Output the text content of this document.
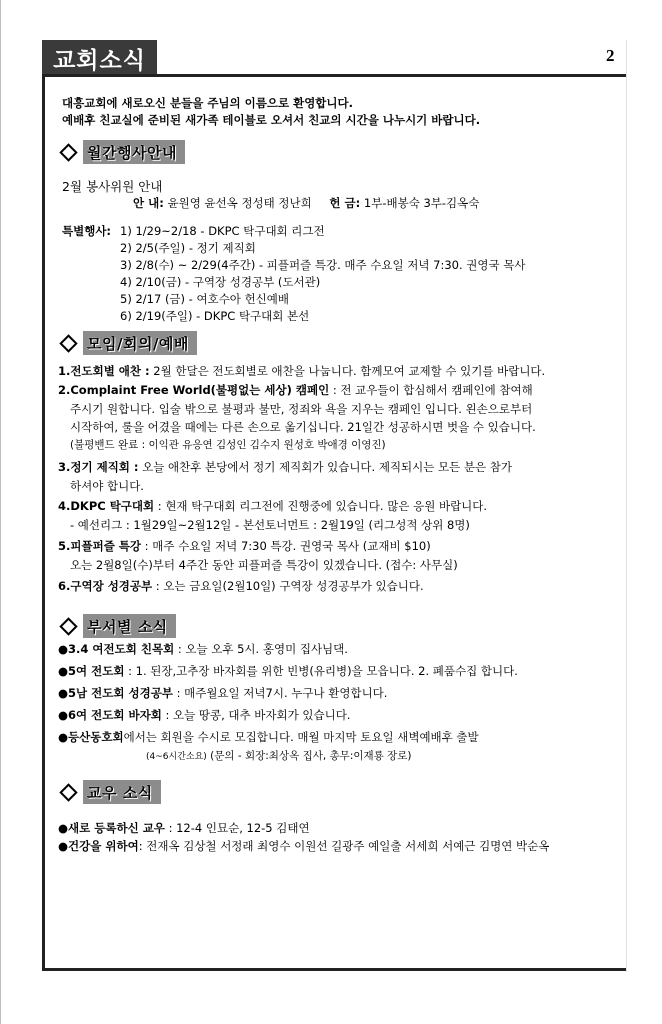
교회소식	2
대흥교회에 새로오신 분들을 주님의 이름으로 환영합니다.
예배후 친교실에 준비된 새가족 테이블로 오셔서 친교의 시간을 나누시기 바랍니다.
월간행사안내
2월 봉사위원 안내
안 내: 윤원영 윤선옥 정성태 정난희 헌 금: 1부-배봉숙 3부-김옥숙
특별행사: 1) 1/29~2/18 - DKPC 탁구대회 리그전
2) 2/5(주일) - 정기 제직회
3) 2/8(수) ~ 2/29(4주간) - 피플퍼즐 특강. 매주 수요일 저녁 7:30. 권영국 목사
4) 2/10(금) - 구역장 성경공부 (도서관)
5) 2/17 (금) - 여호수아 헌신예배
6) 2/19(주일) - DKPC 탁구대회 본선
모임/회의/예배
1.전도회별 애찬 : 2월 한달은 전도회별로 애찬을 나눕니다. 함께모여 교제할 수 있기를 바랍니다.
2.Complaint Free World(불평없는 세상) 캠페인 : 전 교우들이 합심해서 캠페인에 참여해
주시기 원합니다. 입술 밖으로 불평과 불만, 정죄와 욕을 지우는 캠페인 입니다. 왼손으로부터
시작하여, 룰을 어겼을 때에는 다른 손으로 옮기십니다. 21일간 성공하시면 벗을 수 있습니다.
(불평밴드 완료 : 이익관 유응연 김성인 김수지 원성호 박애경 이영진)
3.정기 제직회 : 오늘 애찬후 본당에서 정기 제직회가 있습니다. 제직되시는 모든 분은 참가
하셔야 합니다.
4.DKPC 탁구대회 : 현재 탁구대회 리그전에 진행중에 있습니다. 많은 응원 바랍니다.
- 예선리그 : 1월29일~2월12일 - 본선토너먼트 : 2월19일 (리그성적 상위 8명)
5.피플퍼즐 특강 : 매주 수요일 저녁 7:30 특강. 권영국 목사 (교재비 $10)
오는 2월8일(수)부터 4주간 동안 피플퍼즐 특강이 있겠습니다. (접수: 사무실)
6.구역장 성경공부 : 오는 금요일(2월10일) 구역장 성경공부가 있습니다.
부서별 소식
●3.4 여전도회 친목회 : 오늘 오후 5시. 홍영미 집사님댁.
●5여 전도회 : 1. 된장,고추장 바자회를 위한 빈병(유리병)을 모읍니다. 2. 폐품수집 합니다.
●5남 전도회 성경공부 : 매주월요일 저녁7시. 누구나 환영합니다.
●6여 전도회 바자회 : 오늘 땅콩, 대추 바자회가 있습니다.
●등산동호회에서는 회원을 수시로 모집합니다. 매월 마지막 토요일 새벽예배후 출발
(4~6시간소요) (문의 - 회장:최상옥 집사, 총무:이재룡 장로)
교우 소식
●새로 등록하신 교우 : 12-4 인묘순, 12-5 김태연
●건강을 위하여: 전재옥 김상철 서정래 최영수 이원선 길광주 예일출 서세희 서예근 김명연 박순옥
